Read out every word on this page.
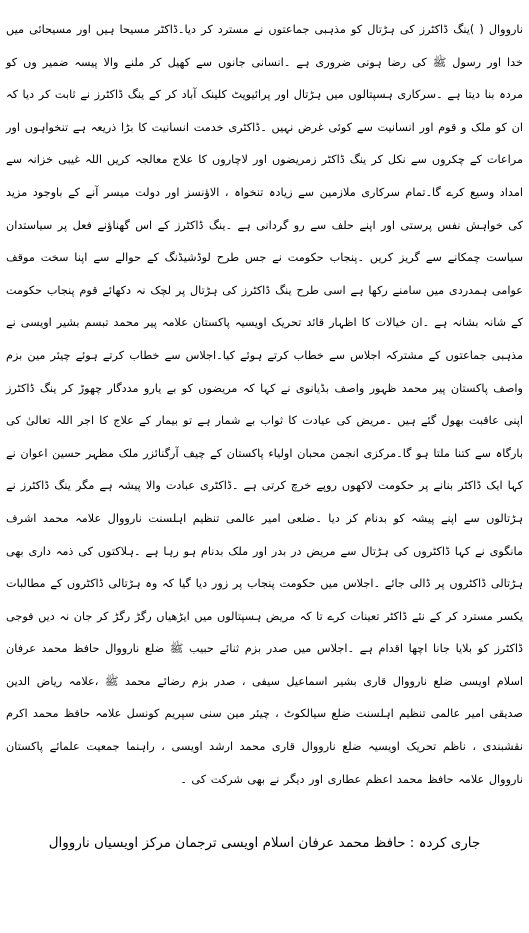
نارووال ( )ینگ ڈاکٹرز کی ہڑتال کو مذہبی جماعتوں نے مسترد کر دیا۔ڈاکٹر مسیحا ہیں اور مسیحائی میں خدا اور رسول ﷺ کی رضا ہونی ضروری ہے ۔انسانی جانوں سے کھیل کر ملنے والا پیسہ ضمیر وں کو مردہ بنا دیتا ہے ۔سرکاری ہسپتالوں میں ہڑتال اور پرائیویٹ کلینک آباد کر کے ینگ ڈاکٹرز نے ثابت کر دیا کہ ان کو ملک و قوم اور انسانیت سے کوئی غرض نہیں ۔ڈاکٹری خدمت انسانیت کا بڑا ذریعہ ہے تنخواہوں اور مراعات کے چکروں سے نکل کر ینگ ڈاکٹر زمریضوں اور لاچاروں کا علاج معالجہ کریں اللہ غیبی خزانہ سے امداد وسیع کرے گا۔تمام سرکاری ملازمین سے زیادہ تنخواہ ، الاؤنسز اور دولت میسر آنے کے باوجود مزید کی خواہش نفس پرستی اور اپنے حلف سے رو گردانی ہے ۔ینگ ڈاکٹرز کے اس گھناؤنے فعل پر سیاستدان سیاست چمکانے سے گریز کریں ۔پنجاب حکومت نے جس طرح لوڈشیڈنگ کے حوالے سے اپنا سخت موقف عوامی ہمدردی میں سامنے رکھا ہے اسی طرح ینگ ڈاکٹرز کی ہڑتال پر لچک نہ دکھائے قوم پنجاب حکومت کے شانہ بشانہ ہے ۔ان خیالات کا اظہار قائد تحریک اویسیہ پاکستان علامہ پیر محمد تبسم بشیر اویسی نے مذہبی جماعتوں کے مشترکہ اجلاس سے خطاب کرتے ہوئے کیا۔اجلاس سے خطاب کرتے ہوئے چیئر مین بزم واصف پاکستان پیر محمد ظہور واصف بڈیانوی نے کہا کہ مریضوں کو بے یارو مددگار چھوڑ کر ینگ ڈاکٹرز اپنی عاقبت بھول گئے ہیں ۔مریض کی عیادت کا ثواب بے شمار ہے تو بیمار کے علاج کا اجر اللہ تعالیٰ کی بارگاہ سے کتنا ملتا ہو گا۔مرکزی انجمن محبان اولیاء پاکستان کے چیف آرگنائزر ملک مظہر حسین اعوان نے کہا ایک ڈاکٹر بنانے پر حکومت لاکھوں روپے خرچ کرتی ہے ۔ڈاکٹری عبادت والا پیشہ ہے مگر ینگ ڈاکٹرز نے ہڑتالوں سے اپنے پیشہ کو بدنام کر دیا ۔ضلعی امیر عالمی تنظیم اہلسنت نارووال علامہ محمد اشرف مانگوی نے کہا ڈاکٹروں کی ہڑتال سے مریض در بدر اور ملک بدنام ہو رہا ہے ۔ہلاکتوں کی ذمہ داری بھی ہڑتالی ڈاکٹروں پر ڈالی جائے ۔اجلاس میں حکومت پنجاب پر زور دیا گیا کہ وہ ہڑتالی ڈاکٹروں کے مطالبات یکسر مسترد کر کے نئے ڈاکٹر تعینات کرے تا کہ مریض ہسپتالوں میں ایڑھیاں رگڑ رگڑ کر جان نہ دیں فوجی ڈاکٹرز کو بلایا جانا اچھا اقدام ہے ۔اجلاس میں صدر بزم ثنائے حبیب ﷺ ضلع نارووال حافظ محمد عرفان اسلام اویسی ضلع نارووال قاری بشیر اسماعیل سیفی ، صدر بزم رضائے محمد ﷺ ،علامہ ریاض الدین صدیقی امیر عالمی تنظیم اہلسنت ضلع سیالکوٹ ، چیئر مین سنی سپریم کونسل علامہ حافظ محمد اکرم نقشبندی ، ناظم تحریک اویسیہ ضلع نارووال قاری محمد ارشد اویسی ، راہنما جمعیت علمائے پاکستان نارووال علامہ حافظ محمد اعظم عطاری اور دیگر نے بھی شرکت کی ۔

جاری کردہ : حافظ محمد عرفان اسلام اویسی ترجمان مرکز اویسیاں نارووال
